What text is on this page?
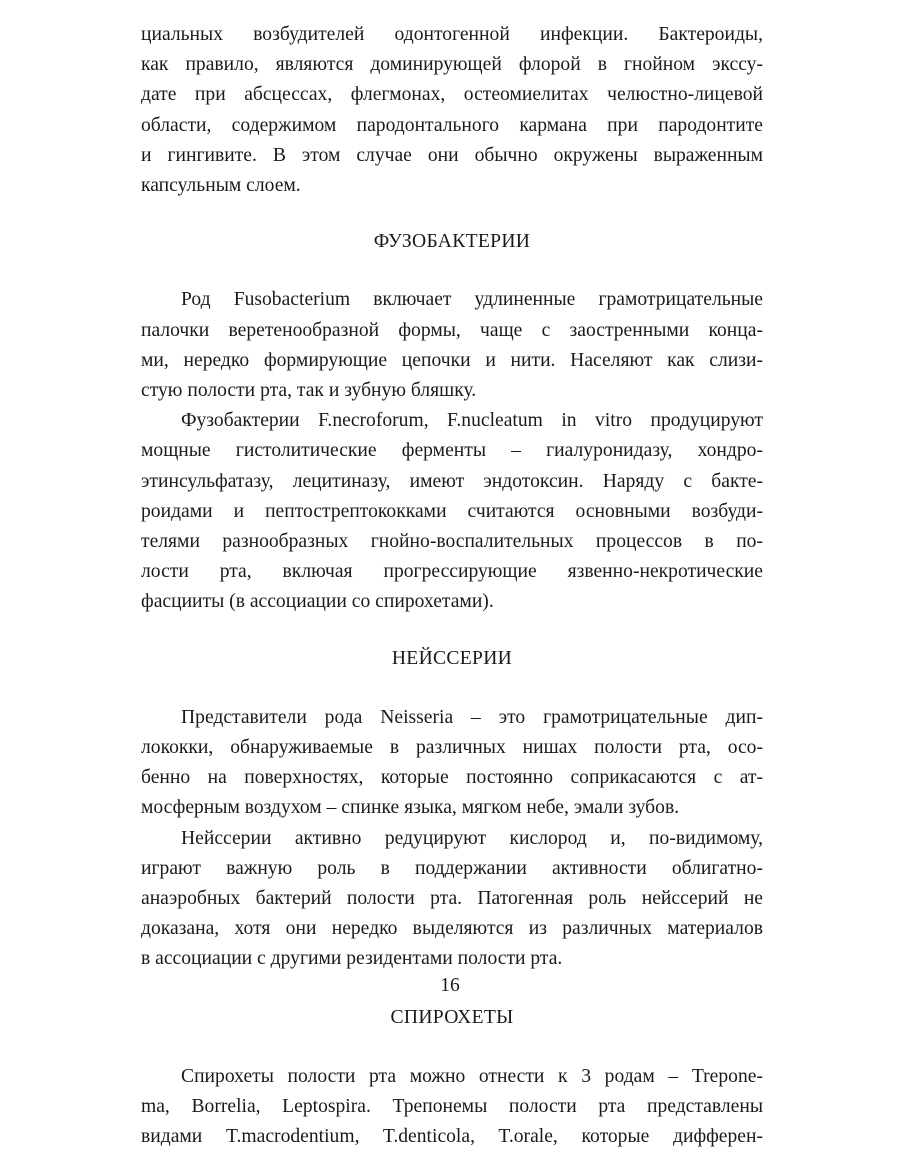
циальных возбудителей одонтогенной инфекции. Бактероиды,
как правило, являются доминирующей флорой в гнойном экссу-
дате при абсцессах, флегмонах, остеомиелитах челюстно-лицевой
области, содержимом пародонтального кармана при пародонтите
и гингивите. В этом случае они обычно окружены выраженным
капсульным слоем.
ФУЗОБАКТЕРИИ
Род Fusobacterium включает удлиненные грамотрицательные
палочки веретенообразной формы, чаще с заостренными конца-
ми, нередко формирующие цепочки и нити. Населяют как слизи-
стую полости рта, так и зубную бляшку.
Фузобактерии F.necroforum, F.nucleatum in vitro продуцируют
мощные гистолитические ферменты – гиалуронидазу, хондро-
этинсульфатазу, лецитиназу, имеют эндотоксин. Наряду с бакте-
роидами и пептострептококками считаются основными возбуди-
телями разнообразных гнойно-воспалительных процессов в по-
лости рта, включая прогрессирующие язвенно-некротические
фасцииты (в ассоциации со спирохетами).
НЕЙССЕРИИ
Представители рода Neisseria – это грамотрицательные дип-
лококки, обнаруживаемые в различных нишах полости рта, осо-
бенно на поверхностях, которые постоянно соприкасаются с ат-
мосферным воздухом – спинке языка, мягком небе, эмали зубов.
Нейссерии активно редуцируют кислород и, по-видимому,
играют важную роль в поддержании активности облигатно-
анаэробных бактерий полости рта. Патогенная роль нейссерий не
доказана, хотя они нередко выделяются из различных материалов
в ассоциации с другими резидентами полости рта.
СПИРОХЕТЫ
Спирохеты полости рта можно отнести к 3 родам – Trepone-
ma, Borrelia, Leptospira. Трепонемы полости рта представлены
видами T.macrodentium, T.denticola, T.orale, которые дифферен-
16
